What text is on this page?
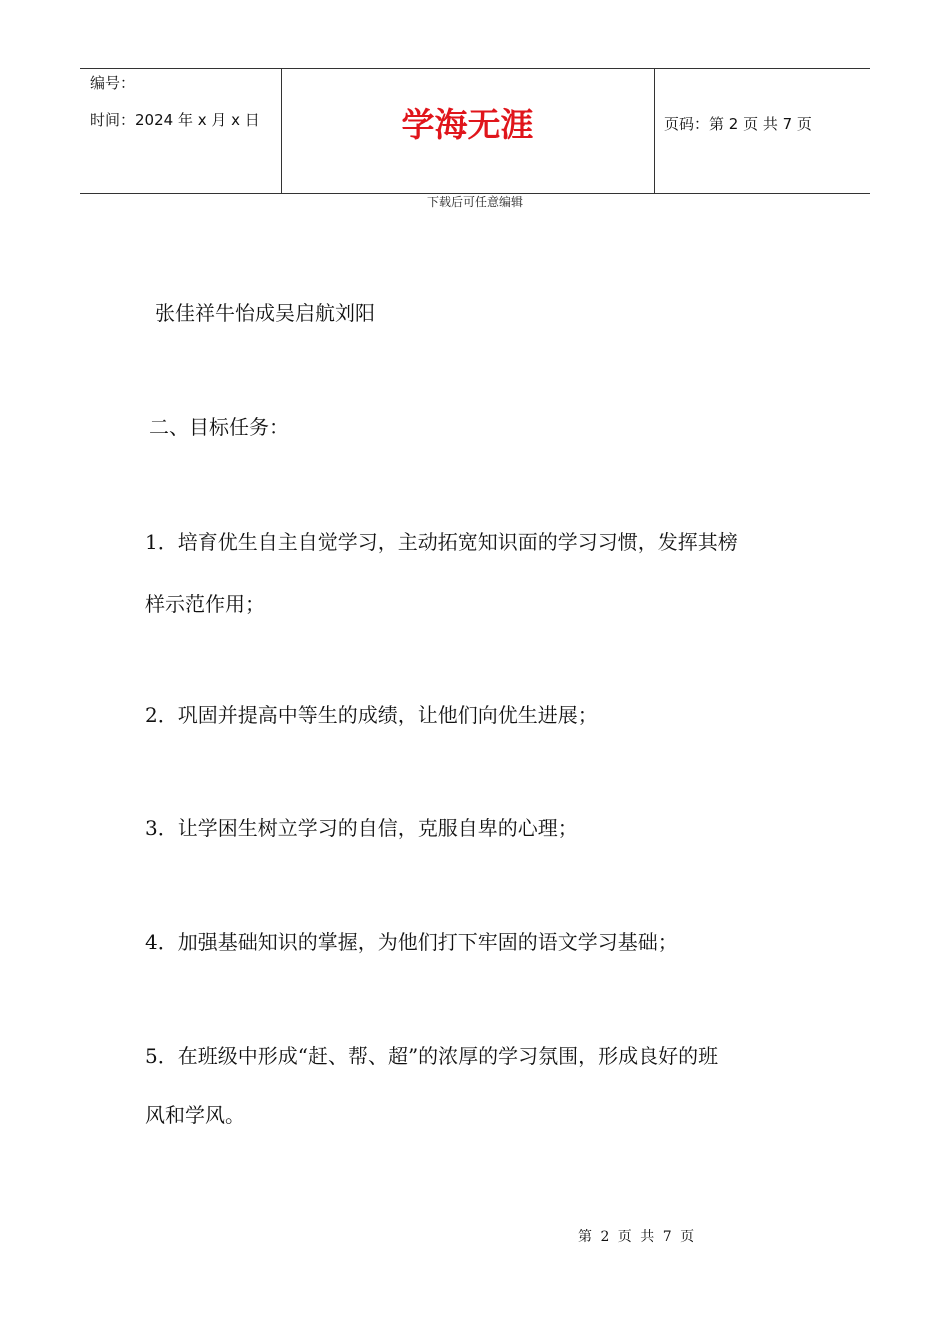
编号：
时间：2024 年 x 月 x 日	学海无涯	页码：第 2 页 共 7 页
下载后可任意编辑
张佳祥牛怡成吴启航刘阳
二、目标任务：
1．培育优生自主自觉学习，主动拓宽知识面的学习习惯，发挥其榜
样示范作用；
2．巩固并提高中等生的成绩，让他们向优生进展；
3．让学困生树立学习的自信，克服自卑的心理；
4．加强基础知识的掌握，为他们打下牢固的语文学习基础；
5．在班级中形成“赶、帮、超”的浓厚的学习氛围，形成良好的班
风和学风。
第 2 页 共 7 页
